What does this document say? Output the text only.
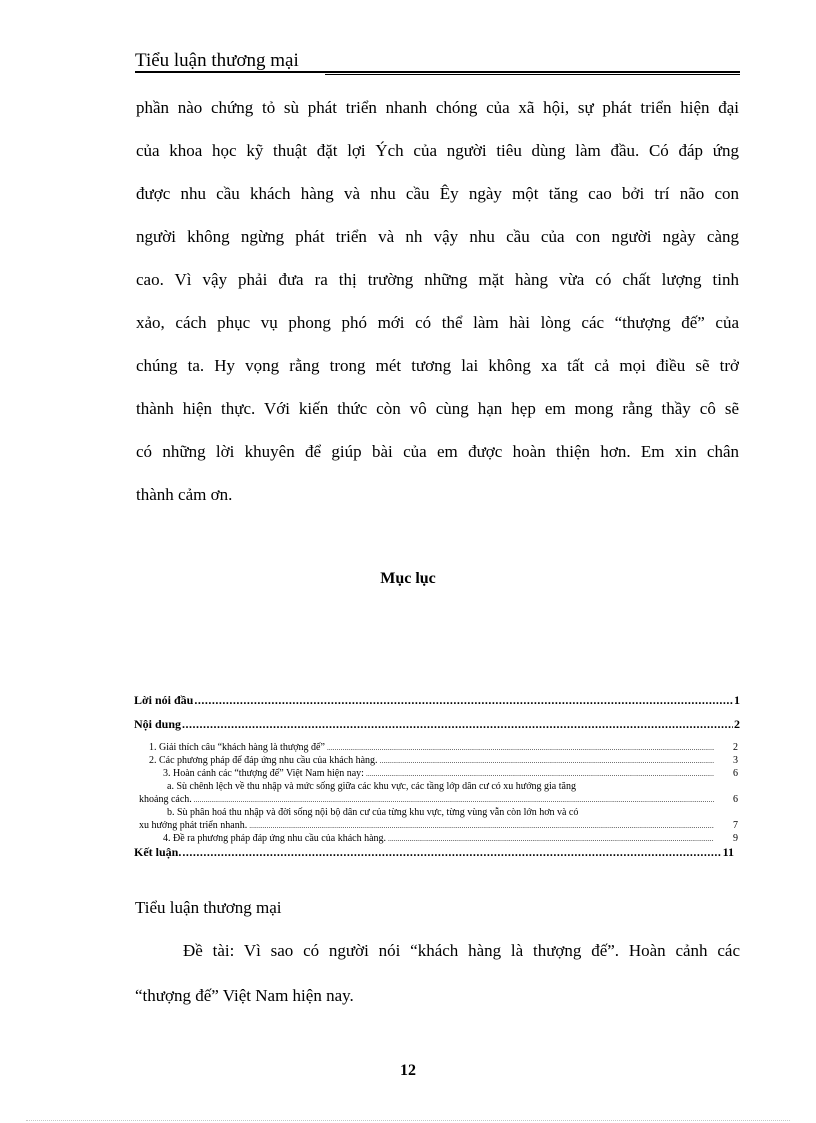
Tiểu luận thương mại
phần nào chứng tỏ sù phát triển nhanh chóng của xã hội, sự phát triển hiện đại
của khoa học kỹ thuật đặt lợi Ých của người tiêu dùng làm đầu. Có đáp ứng
được nhu cầu khách hàng và nhu cầu Êy ngày một tăng cao bởi trí não con
người không ngừng phát triển và nh vậy nhu cầu của con người ngày càng
cao. Vì vậy phải đưa ra thị trường những mặt hàng vừa có chất lượng tinh
xảo, cách phục vụ phong phó mới có thể làm hài lòng các “thượng đế” của
chúng ta. Hy vọng rằng trong mét tương lai không xa tất cả mọi điều sẽ trở
thành hiện thực. Với kiến thức còn vô cùng hạn hẹp em mong rằng thầy cô sẽ
có những lời khuyên để giúp bài của em được hoàn thiện hơn. Em xin chân
thành cảm ơn.
Mục lục
Lời nói đầu .....	1
Nội dung .....	2
1. Giải thích câu “khách hàng là thượng đế” .....	2
2. Các phương pháp để đáp ứng nhu cầu của khách hàng. .....	3
3. Hoàn cảnh các “thượng đế” Việt Nam hiện nay: .....	6
a. Sù chênh lệch về thu nhập và mức sống giữa các khu vực, các tầng lớp dân cư có xu hướng gia tăng
khoảng cách. .....	6
b. Sù phân hoá thu nhập và đời sống nội bộ dân cư của từng khu vực, từng vùng vẫn còn lớn hơn và có
xu hướng phát triển nhanh. .....	7
4. Đề ra phương pháp đáp ứng nhu cầu của khách hàng. .....	9
Kết luận. .....	11
Tiểu luận thương mại
Đề tài: Vì sao có người nói “khách hàng là thượng đế”. Hoàn cảnh các
“thượng đế” Việt Nam hiện nay.
12
